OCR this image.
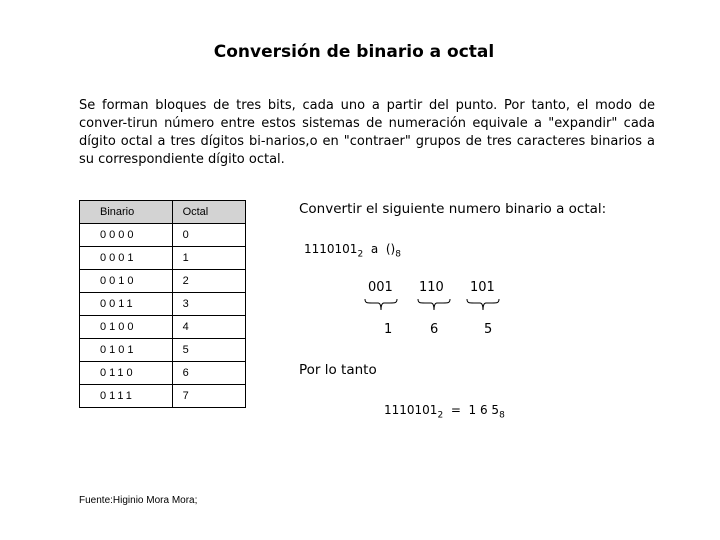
Conversión de binario a octal

Se forman bloques de tres bits, cada uno a partir del punto. Por tanto, el modo de conver-tirun número entre estos sistemas de numeración equivale a "expandir" cada dígito octal a tres dígitos bi-narios,o en "contraer" grupos de tres caracteres binarios a su correspondiente dígito octal.

Binario	Octal
0000	0
0001	1
0010	2
0011	3
0100	4
0101	5
0110	6
0111	7
Convertir el siguiente numero binario a octal:
$1110101_2$ a $()_8$
001
1
110
6
101
5
Por lo tanto
$1110101_2 = 1$ 6 $5_8$
Fuente:Higinio Mora Mora;
